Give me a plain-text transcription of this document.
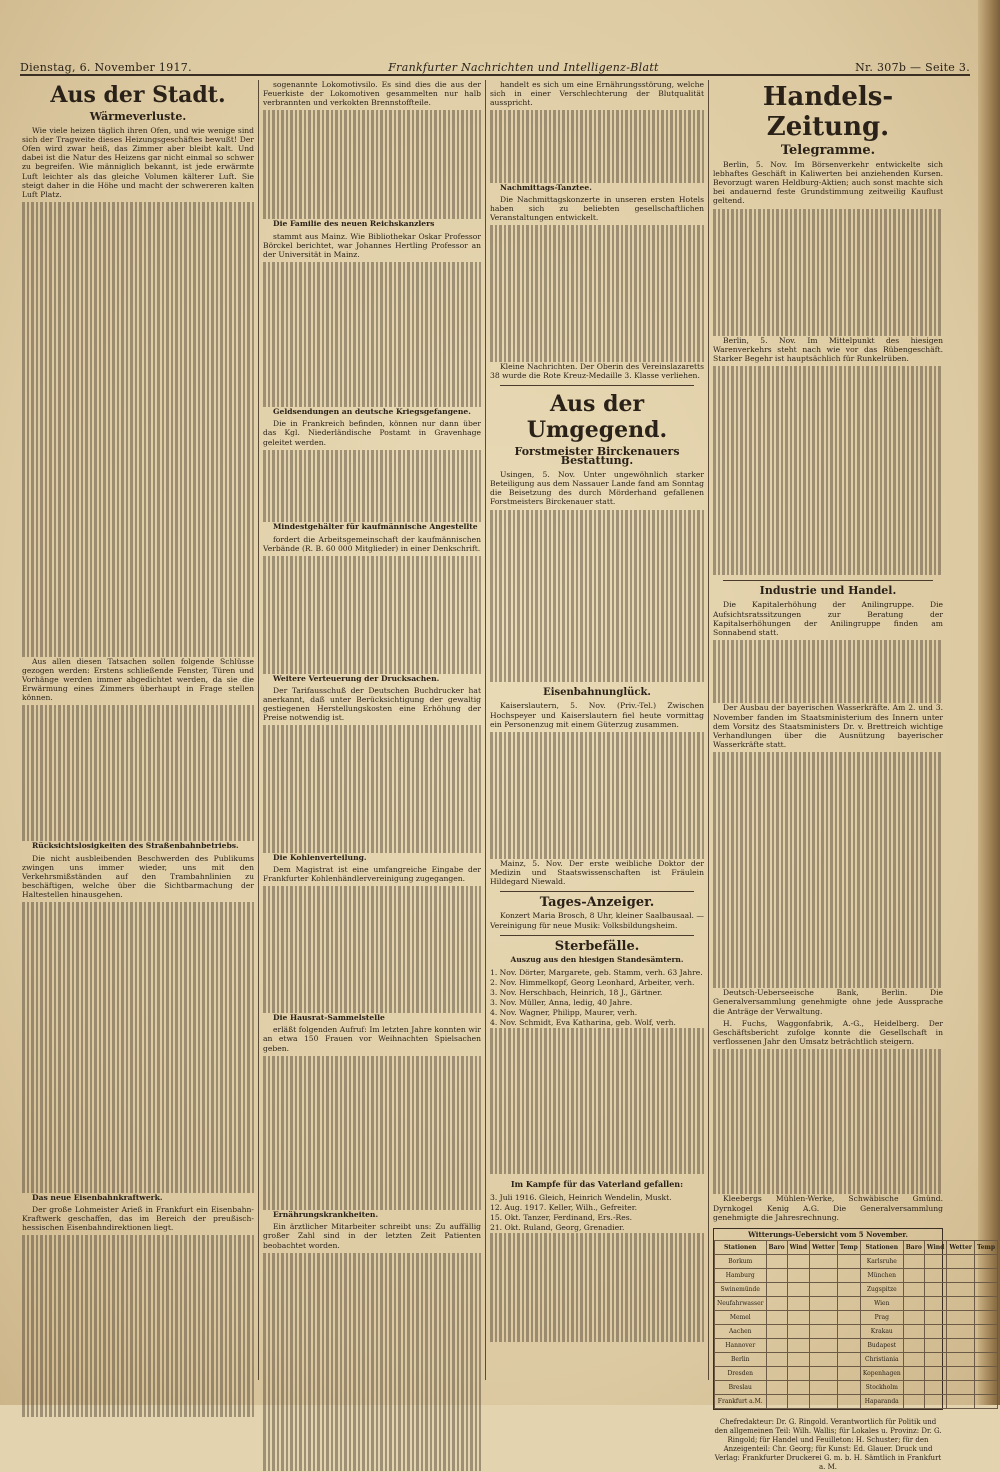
Dienstag, 6. November 1917.	Frankfurter Nachrichten und Intelligenz-Blatt	Nr. 307b — Seite 3.
Aus der Stadt.
Wärmeverluste.

Wie viele heizen täglich ihren Ofen, und wie wenige sind sich der Tragweite dieses Heizungsgeschäftes bewußt! Der Ofen wird zwar heiß, das Zimmer aber bleibt kalt. Und dabei ist die Natur des Heizens gar nicht einmal so schwer zu begreifen. Wie männiglich bekannt, ist jede erwärmte Luft leichter als das gleiche Volumen kälterer Luft. Sie steigt daher in die Höhe und macht der schwereren kalten Luft Platz.

Aus allen diesen Tatsachen sollen folgende Schlüsse gezogen werden: Erstens schließende Fenster, Türen und Vorhänge werden immer abgedichtet werden, da sie die Erwärmung eines Zimmers überhaupt in Frage stellen können.

Rücksichtslosigkeiten des Straßenbahnbetriebs.

Die nicht ausbleibenden Beschwerden des Publikums zwingen uns immer wieder, uns mit den Verkehrsmißständen auf den Trambahnlinien zu beschäftigen, welche über die Sichtbarmachung der Haltestellen hinausgehen.

Das neue Eisenbahnkraftwerk.

Der große Lohmeister Arieß in Frankfurt ein Eisenbahn-Kraftwerk geschaffen, das im Bereich der preußisch-hessischen Eisenbahndirektionen liegt.

sogenannte Lokomotivsilo. Es sind dies die aus der Feuerkiste der Lokomotiven gesammelten nur halb verbrannten und verkokten Brennstoffteile.

Die Familie des neuen Reichskanzlers

stammt aus Mainz. Wie Bibliothekar Oskar Professor Börckel berichtet, war Johannes Hertling Professor an der Universität in Mainz.

Geldsendungen an deutsche Kriegsgefangene.

Die in Frankreich befinden, können nur dann über das Kgl. Niederländische Postamt in Gravenhage geleitet werden.

Mindestgehälter für kaufmännische Angestellte

fordert die Arbeitsgemeinschaft der kaufmännischen Verbände (R. B. 60 000 Mitglieder) in einer Denkschrift.

Weitere Verteuerung der Drucksachen.

Der Tarifausschuß der Deutschen Buchdrucker hat anerkannt, daß unter Berücksichtigung der gewaltig gestiegenen Herstellungskosten eine Erhöhung der Preise notwendig ist.

Die Kohlenverteilung.

Dem Magistrat ist eine umfangreiche Eingabe der Frankfurter Kohlenhändlervereinigung zugegangen.

Die Hausrat-Sammelstelle

erläßt folgenden Aufruf: Im letzten Jahre konnten wir an etwa 150 Frauen vor Weihnachten Spielsachen geben.

Ernährungskrankheiten.

Ein ärztlicher Mitarbeiter schreibt uns: Zu auffällig großer Zahl sind in der letzten Zeit Patienten beobachtet worden.

handelt es sich um eine Ernährungsstörung, welche sich in einer Verschlechterung der Blutqualität ausspricht.

Nachmittags-Tanztee.

Die Nachmittagskonzerte in unseren ersten Hotels haben sich zu beliebten gesellschaftlichen Veranstaltungen entwickelt.

Kleine Nachrichten. Der Oberin des Vereinslazaretts 38 wurde die Rote Kreuz-Medaille 3. Klasse verliehen.

Aus der Umgegend.
Forstmeister Birckenauers Bestattung.

Usingen, 5. Nov. Unter ungewöhnlich starker Beteiligung aus dem Nassauer Lande fand am Sonntag die Beisetzung des durch Mörderhand gefallenen Forstmeisters Birckenauer statt.

Eisenbahnunglück.

Kaiserslautern, 5. Nov. (Priv.-Tel.) Zwischen Hochspeyer und Kaiserslautern fiel heute vormittag ein Personenzug mit einem Güterzug zusammen.

Mainz, 5. Nov. Der erste weibliche Doktor der Medizin und Staatswissenschaften ist Fräulein Hildegard Niewald.

Tages-Anzeiger.

Konzert Maria Brosch, 8 Uhr, kleiner Saalbausaal. — Vereinigung für neue Musik: Volksbildungsheim.

Sterbefälle.
Auszug aus den hiesigen Standesämtern.
1. Nov. Dörter, Margarete, geb. Stamm, verh. 63 Jahre.
2. Nov. Himmelkopf, Georg Leonhard, Arbeiter, verh.
3. Nov. Herschbach, Heinrich, 18 J., Gärtner.
3. Nov. Müller, Anna, ledig, 40 Jahre.
4. Nov. Wagner, Philipp, Maurer, verh.
4. Nov. Schmidt, Eva Katharina, geb. Wolf, verh.
Im Kampfe für das Vaterland gefallen:
3. Juli 1916. Gleich, Heinrich Wendelin, Muskt.
12. Aug. 1917. Keller, Wilh., Gefreiter.
15. Okt. Tanzer, Ferdinand, Ers.-Res.
21. Okt. Ruland, Georg, Grenadier.
Handels-Zeitung.
Telegramme.

Berlin, 5. Nov. Im Börsenverkehr entwickelte sich lebhaftes Geschäft in Kaliwerten bei anziehenden Kursen. Bevorzugt waren Heldburg-Aktien; auch sonst machte sich bei andauernd feste Grundstimmung zeitweilig Kauflust geltend.

Berlin, 5. Nov. Im Mittelpunkt des hiesigen Warenverkehrs steht nach wie vor das Rübengeschäft. Starker Begehr ist hauptsächlich für Runkelrüben.

Industrie und Handel.

Die Kapitalerhöhung der Anilingruppe. Die Aufsichtsratssitzungen zur Beratung der Kapitalserhöhungen der Anilingruppe finden am Sonnabend statt.

Der Ausbau der bayerischen Wasserkräfte. Am 2. und 3. November fanden im Staatsministerium des Innern unter dem Vorsitz des Staatsministers Dr. v. Brettreich wichtige Verhandlungen über die Ausnützung bayerischer Wasserkräfte statt.

Deutsch-Ueberseeische Bank, Berlin. Die Generalversammlung genehmigte ohne jede Aussprache die Anträge der Verwaltung.

H. Fuchs, Waggonfabrik, A.-G., Heidelberg. Der Geschäftsbericht zufolge konnte die Gesellschaft in verflossenen Jahr den Umsatz beträchtlich steigern.

Kleebergs Mühlen-Werke, Schwäbische Gmünd. Dyrnkogel Kenig A.G. Die Generalversammlung genehmigte die Jahresrechnung.

Witterungs-Uebersicht vom 5 November.
Stationen	Baro	Wind	Wetter	Temp	Stationen	Baro	Wind	Wetter	Temp
Borkum					Karlsruhe				
Hamburg					München				
Swinemünde					Zugspitze				
Neufahrwasser					Wien				
Memel					Prag				
Aachen					Krakau				
Hannover					Budapest				
Berlin					Christiania				
Dresden					Kopenhagen				
Breslau					Stockholm				
Frankfurt a.M.					Haparanda				
Chefredakteur: Dr. G. Ringold. Verantwortlich für Politik und den allgemeinen Teil: Wilh. Wallis; für Lokales u. Provinz: Dr. G. Ringold; für Handel und Feuilleton: H. Schuster; für den Anzeigenteil: Chr. Georg; für Kunst: Ed. Glauer. Druck und Verlag: Frankfurter Druckerei G. m. b. H. Sämtlich in Frankfurt a. M.
